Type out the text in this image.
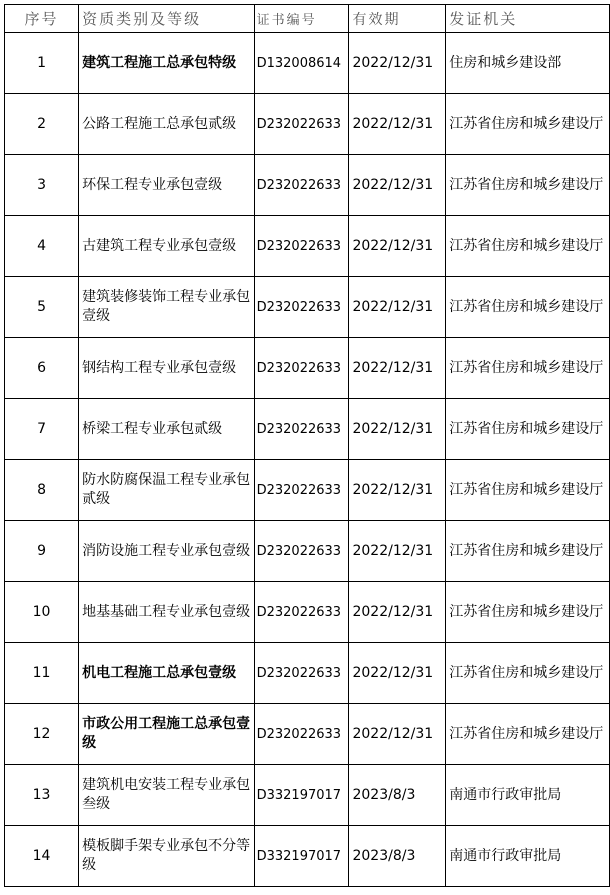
序号	资质类别及等级	证书编号	有效期	发证机关
1	建筑工程施工总承包特级	D132008614	2022/12/31	住房和城乡建设部
2	公路工程施工总承包贰级	D232022633	2022/12/31	江苏省住房和城乡建设厅
3	环保工程专业承包壹级	D232022633	2022/12/31	江苏省住房和城乡建设厅
4	古建筑工程专业承包壹级	D232022633	2022/12/31	江苏省住房和城乡建设厅
5	建筑装修装饰工程专业承包 壹级	D232022633	2022/12/31	江苏省住房和城乡建设厅
6	钢结构工程专业承包壹级	D232022633	2022/12/31	江苏省住房和城乡建设厅
7	桥梁工程专业承包贰级	D232022633	2022/12/31	江苏省住房和城乡建设厅
8	防水防腐保温工程专业承包 贰级	D232022633	2022/12/31	江苏省住房和城乡建设厅
9	消防设施工程专业承包壹级	D232022633	2022/12/31	江苏省住房和城乡建设厅
10	地基基础工程专业承包壹级	D232022633	2022/12/31	江苏省住房和城乡建设厅
11	机电工程施工总承包壹级	D232022633	2022/12/31	江苏省住房和城乡建设厅
12	市政公用工程施工总承包壹级	D232022633	2022/12/31	江苏省住房和城乡建设厅
13	建筑机电安装工程专业承包 叁级	D332197017	2023/8/3	南通市行政审批局
14	模板脚手架专业承包不分等级	D332197017	2023/8/3	南通市行政审批局
